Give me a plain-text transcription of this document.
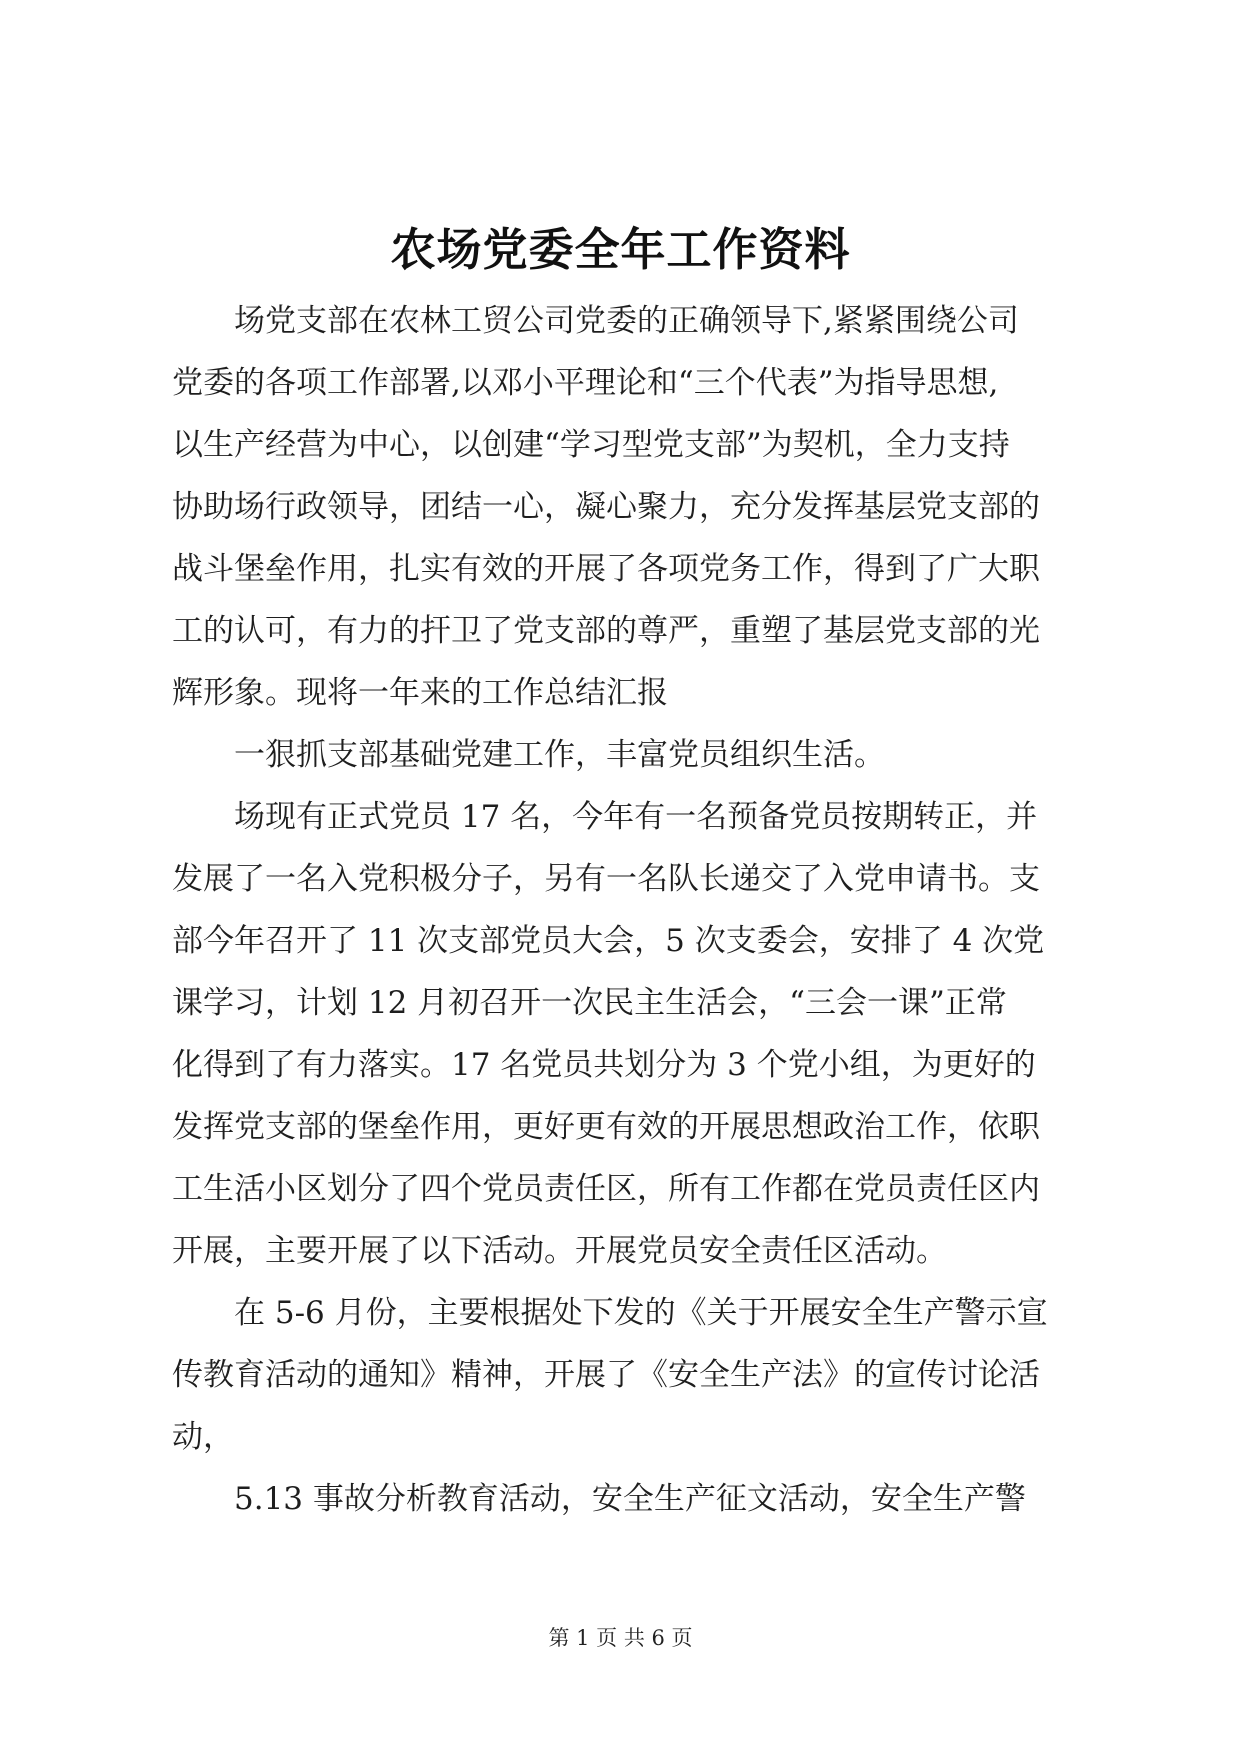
农场党委全年工作资料
　　场党支部在农林工贸公司党委的正确领导下,紧紧围绕公司
党委的各项工作部署,以邓小平理论和“三个代表”为指导思想,
以生产经营为中心，以创建“学习型党支部”为契机，全力支持
协助场行政领导，团结一心，凝心聚力，充分发挥基层党支部的
战斗堡垒作用，扎实有效的开展了各项党务工作，得到了广大职
工的认可，有力的扞卫了党支部的尊严，重塑了基层党支部的光
辉形象。现将一年来的工作总结汇报
　　一狠抓支部基础党建工作，丰富党员组织生活。
　　场现有正式党员 17 名，今年有一名预备党员按期转正，并
发展了一名入党积极分子，另有一名队长递交了入党申请书。支
部今年召开了 11 次支部党员大会，5 次支委会，安排了 4 次党
课学习，计划 12 月初召开一次民主生活会，“三会一课”正常
化得到了有力落实。17 名党员共划分为 3 个党小组，为更好的
发挥党支部的堡垒作用，更好更有效的开展思想政治工作，依职
工生活小区划分了四个党员责任区，所有工作都在党员责任区内
开展，主要开展了以下活动。开展党员安全责任区活动。
　　在 5-6 月份，主要根据处下发的《关于开展安全生产警示宣
传教育活动的通知》精神，开展了《安全生产法》的宣传讨论活
动，
　　5.13 事故分析教育活动，安全生产征文活动，安全生产警
第 1 页 共 6 页
